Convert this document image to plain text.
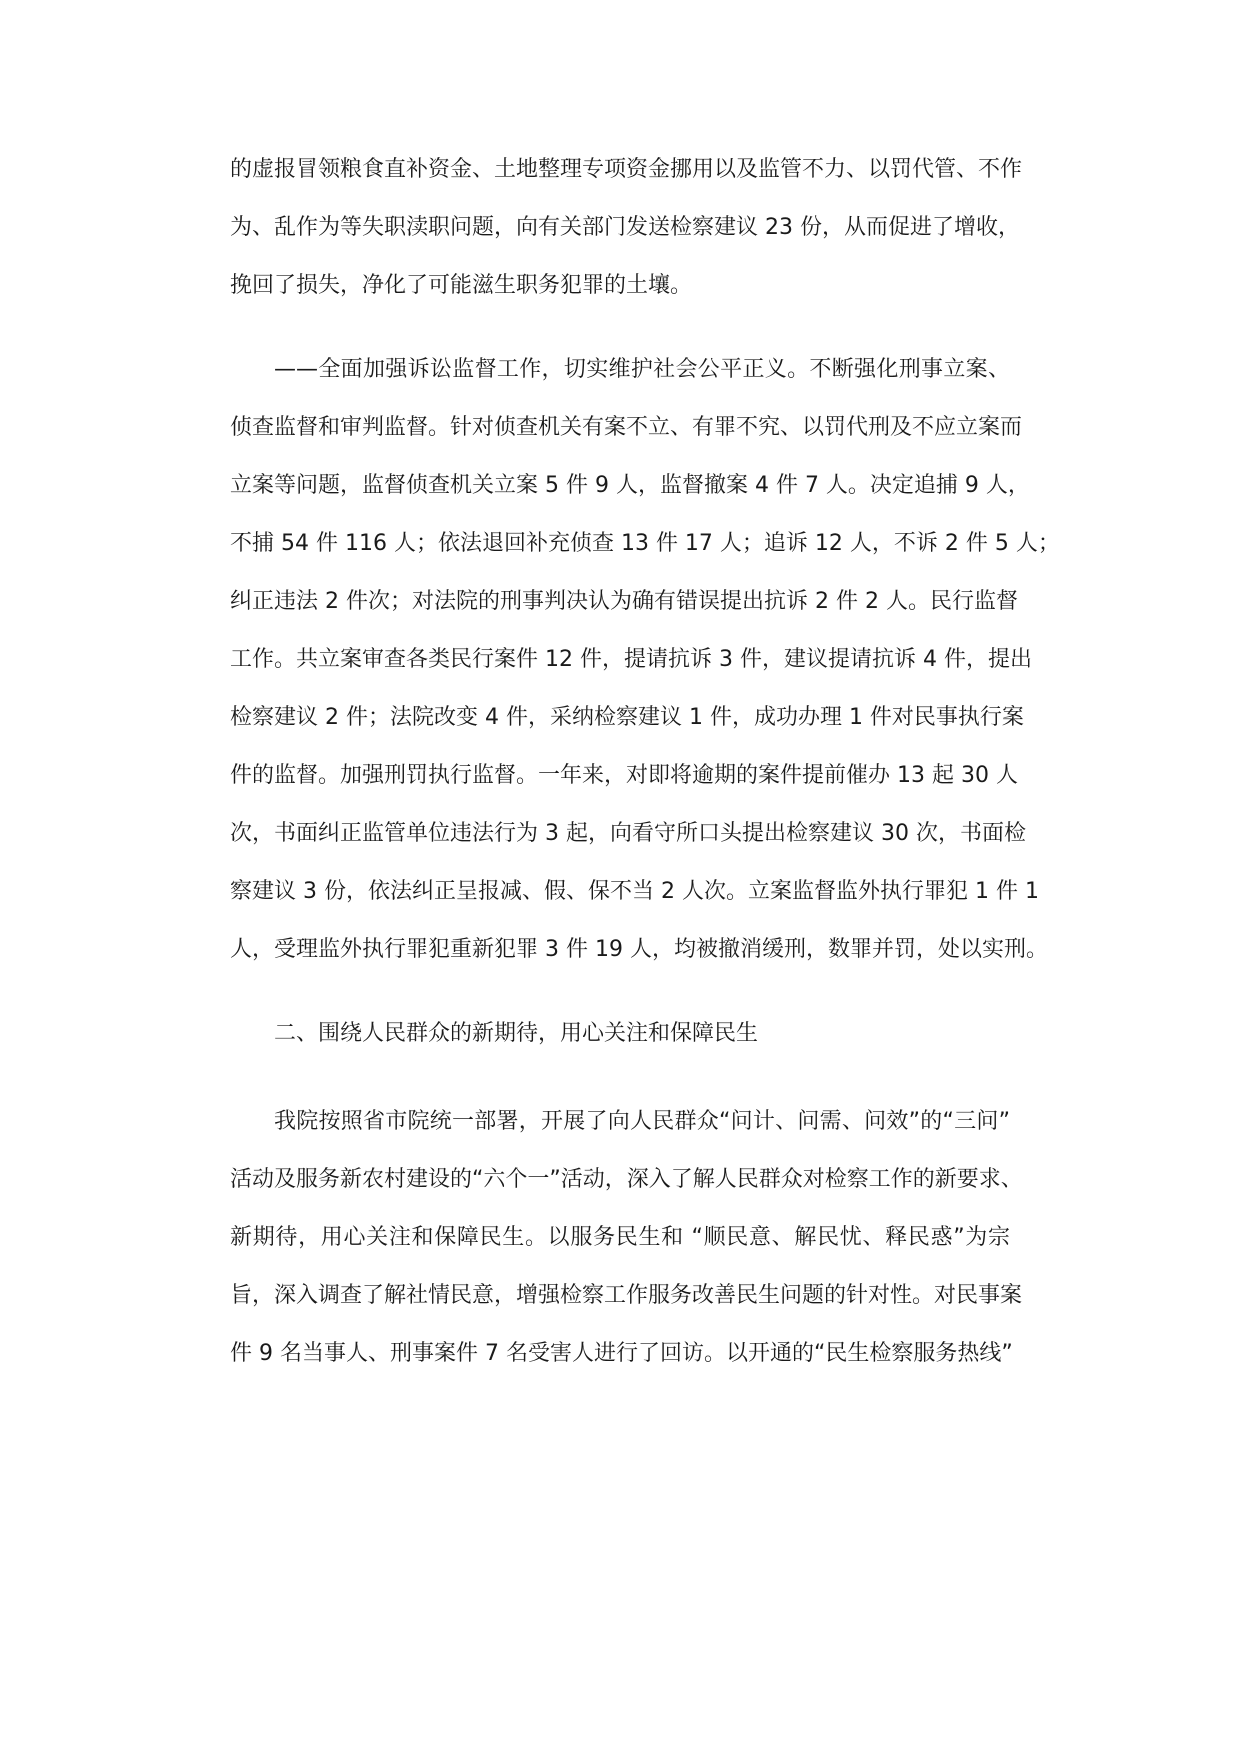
的虚报冒领粮食直补资金、土地整理专项资金挪用以及监管不力、以罚代管、不作
为、乱作为等失职渎职问题，向有关部门发送检察建议 23 份，从而促进了增收，
挽回了损失，净化了可能滋生职务犯罪的土壤。
——全面加强诉讼监督工作，切实维护社会公平正义。不断强化刑事立案、
侦查监督和审判监督。针对侦查机关有案不立、有罪不究、以罚代刑及不应立案而
立案等问题，监督侦查机关立案 5 件 9 人，监督撤案 4 件 7 人。决定追捕 9 人，
不捕 54 件 116 人；依法退回补充侦查 13 件 17 人；追诉 12 人，不诉 2 件 5 人；
纠正违法 2 件次；对法院的刑事判决认为确有错误提出抗诉 2 件 2 人。民行监督
工作。共立案审查各类民行案件 12 件，提请抗诉 3 件，建议提请抗诉 4 件，提出
检察建议 2 件；法院改变 4 件，采纳检察建议 1 件，成功办理 1 件对民事执行案
件的监督。加强刑罚执行监督。一年来，对即将逾期的案件提前催办 13 起 30 人
次，书面纠正监管单位违法行为 3 起，向看守所口头提出检察建议 30 次，书面检
察建议 3 份，依法纠正呈报减、假、保不当 2 人次。立案监督监外执行罪犯 1 件 1
人，受理监外执行罪犯重新犯罪 3 件 19 人，均被撤消缓刑，数罪并罚，处以实刑。
二、围绕人民群众的新期待，用心关注和保障民生
我院按照省市院统一部署，开展了向人民群众“问计、问需、问效”的“三问”
活动及服务新农村建设的“六个一”活动，深入了解人民群众对检察工作的新要求、
新期待，用心关注和保障民生。以服务民生和 “顺民意、解民忧、释民惑”为宗
旨，深入调查了解社情民意，增强检察工作服务改善民生问题的针对性。对民事案
件 9 名当事人、刑事案件 7 名受害人进行了回访。以开通的“民生检察服务热线”
